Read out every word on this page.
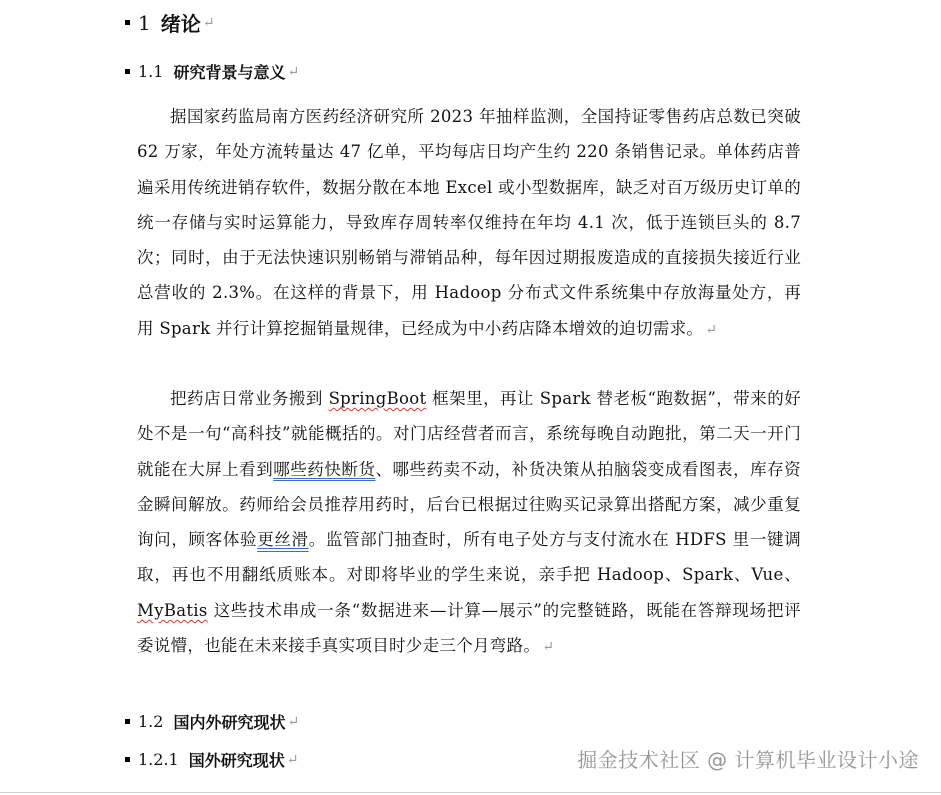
1 绪论 ↵
1.1 研究背景与意义 ↵
据国家药监局南方医药经济研究所 2023 年抽样监测，全国持证零售药店总数已突破 62 万家，年处方流转量达 47 亿单，平均每店日均产生约 220 条销售记录。单体药店普遍采用传统进销存软件，数据分散在本地 Excel 或小型数据库，缺乏对百万级历史订单的统一存储与实时运算能力，导致库存周转率仅维持在年均 4.1 次，低于连锁巨头的 8.7 次；同时，由于无法快速识别畅销与滞销品种，每年因过期报废造成的直接损失接近行业总营收的 2.3%。在这样的背景下，用 Hadoop 分布式文件系统集中存放海量处方，再用 Spark 并行计算挖掘销量规律，已经成为中小药店降本增效的迫切需求。 ↵
把药店日常业务搬到 SpringBoot 框架里，再让 Spark 替老板“跑数据”，带来的好处不是一句“高科技”就能概括的。对门店经营者而言，系统每晚自动跑批，第二天一开门就能在大屏上看到哪些药快断货、哪些药卖不动，补货决策从拍脑袋变成看图表，库存资金瞬间解放。药师给会员推荐用药时，后台已根据过往购买记录算出搭配方案，减少重复询问，顾客体验更丝滑。监管部门抽查时，所有电子处方与支付流水在 HDFS 里一键调取，再也不用翻纸质账本。对即将毕业的学生来说，亲手把 Hadoop、Spark、Vue、MyBatis 这些技术串成一条“数据进来—计算—展示”的完整链路，既能在答辩现场把评委说懵，也能在未来接手真实项目时少走三个月弯路。 ↵
1.2 国内外研究现状 ↵
1.2.1 国外研究现状 ↵	掘金技术社区 @ 计算机毕业设计小途
